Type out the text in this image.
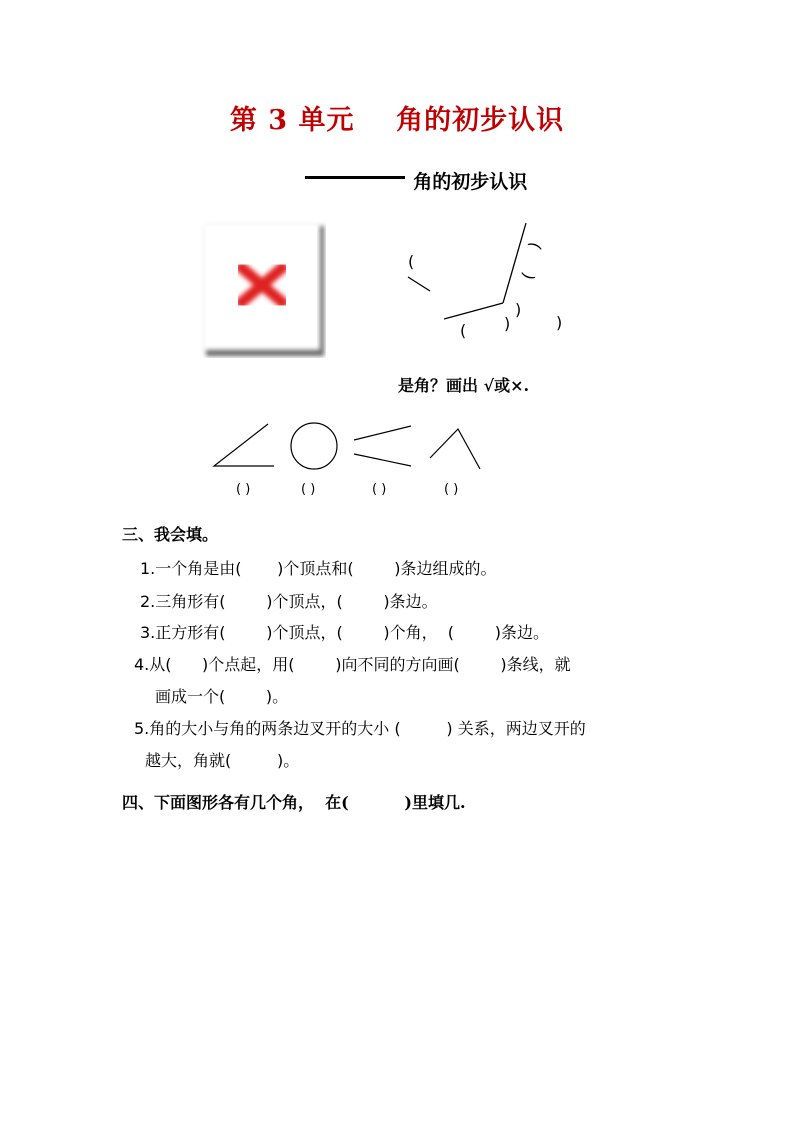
第 3 单元    角的初步认识

角的初步认识

(
)
(
)
( )	)
是角？画出 √或×.
( )	( )	( )	( )
三、我会填。
1.一个角是由(       )个顶点和(        )条边组成的。
2.三角形有(        )个顶点，(        )条边。
3.正方形有(        )个顶点，(        )个角，  (        )条边。
4.从(      )个点起，用(        )向不同的方向画(        )条线，就
画成一个(        )。
5.角的大小与角的两条边叉开的大小 (         ) 关系，两边叉开的
越大，角就(         )。
四、下面图形各有几个角，  在(          )里填几.
